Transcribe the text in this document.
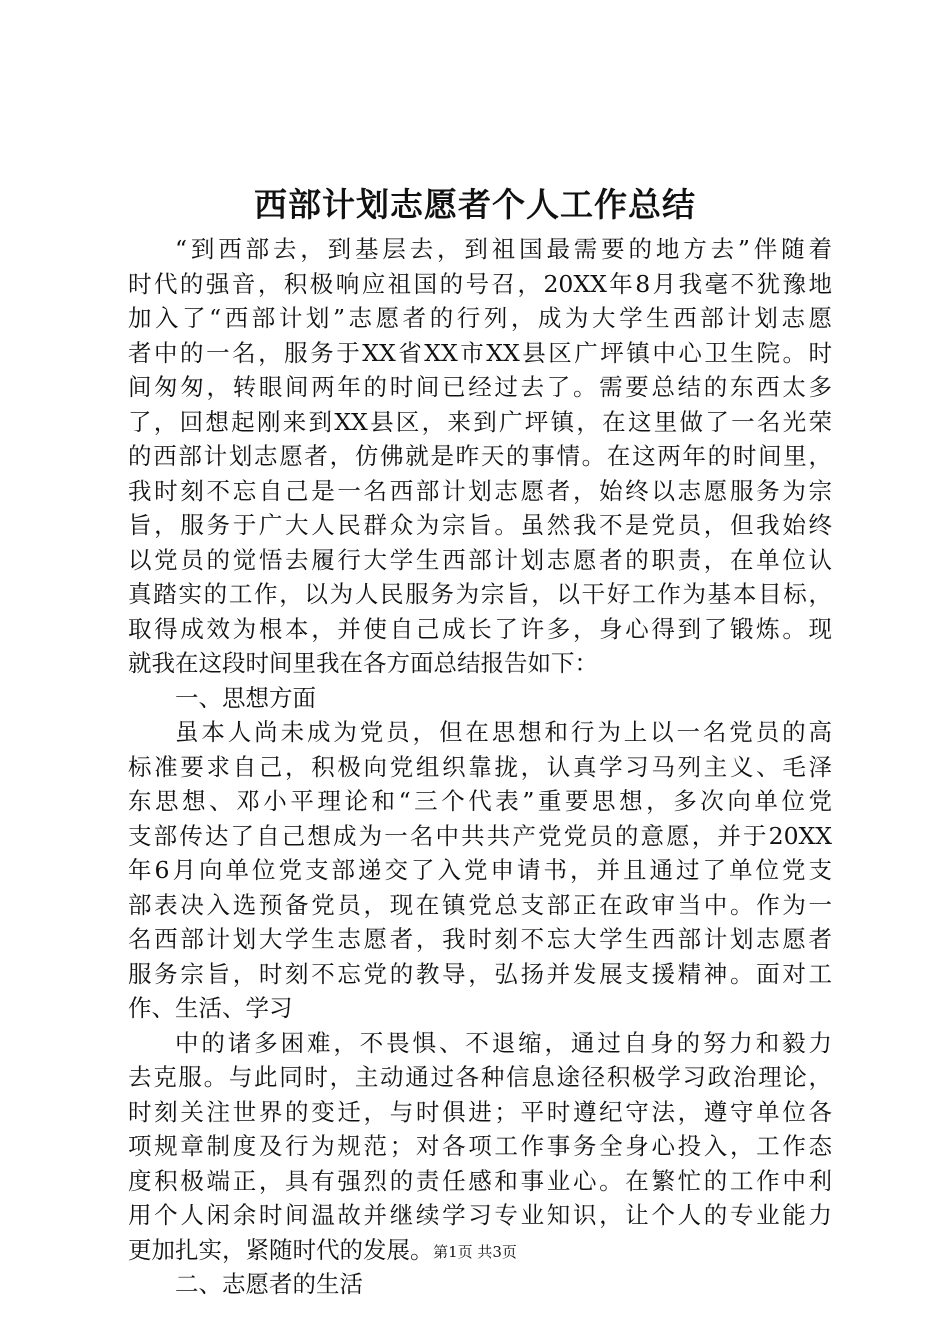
西部计划志愿者个人工作总结
“到西部去，到基层去，到祖国最需要的地方去”伴随着
时代的强音，积极响应祖国的号召，20XX年8月我毫不犹豫地
加入了“西部计划”志愿者的行列，成为大学生西部计划志愿
者中的一名，服务于XX省XX市XX县区广坪镇中心卫生院。时
间匆匆，转眼间两年的时间已经过去了。需要总结的东西太多
了，回想起刚来到XX县区，来到广坪镇，在这里做了一名光荣
的西部计划志愿者，仿佛就是昨天的事情。在这两年的时间里，
我时刻不忘自己是一名西部计划志愿者，始终以志愿服务为宗
旨，服务于广大人民群众为宗旨。虽然我不是党员，但我始终
以党员的觉悟去履行大学生西部计划志愿者的职责，在单位认
真踏实的工作，以为人民服务为宗旨，以干好工作为基本目标，
取得成效为根本，并使自己成长了许多，身心得到了锻炼。现
就我在这段时间里我在各方面总结报告如下：
一、思想方面
虽本人尚未成为党员，但在思想和行为上以一名党员的高
标准要求自己，积极向党组织靠拢，认真学习马列主义、毛泽
东思想、邓小平理论和“三个代表”重要思想，多次向单位党
支部传达了自己想成为一名中共共产党党员的意愿，并于20XX
年6月向单位党支部递交了入党申请书，并且通过了单位党支
部表决入选预备党员，现在镇党总支部正在政审当中。作为一
名西部计划大学生志愿者，我时刻不忘大学生西部计划志愿者
服务宗旨，时刻不忘党的教导，弘扬并发展支援精神。面对工
作、生活、学习
中的诸多困难，不畏惧、不退缩，通过自身的努力和毅力
去克服。与此同时，主动通过各种信息途径积极学习政治理论，
时刻关注世界的变迁，与时俱进；平时遵纪守法，遵守单位各
项规章制度及行为规范；对各项工作事务全身心投入，工作态
度积极端正，具有强烈的责任感和事业心。在繁忙的工作中利
用个人闲余时间温故并继续学习专业知识，让个人的专业能力
更加扎实，紧随时代的发展。
二、志愿者的生活
第1页 共3页
